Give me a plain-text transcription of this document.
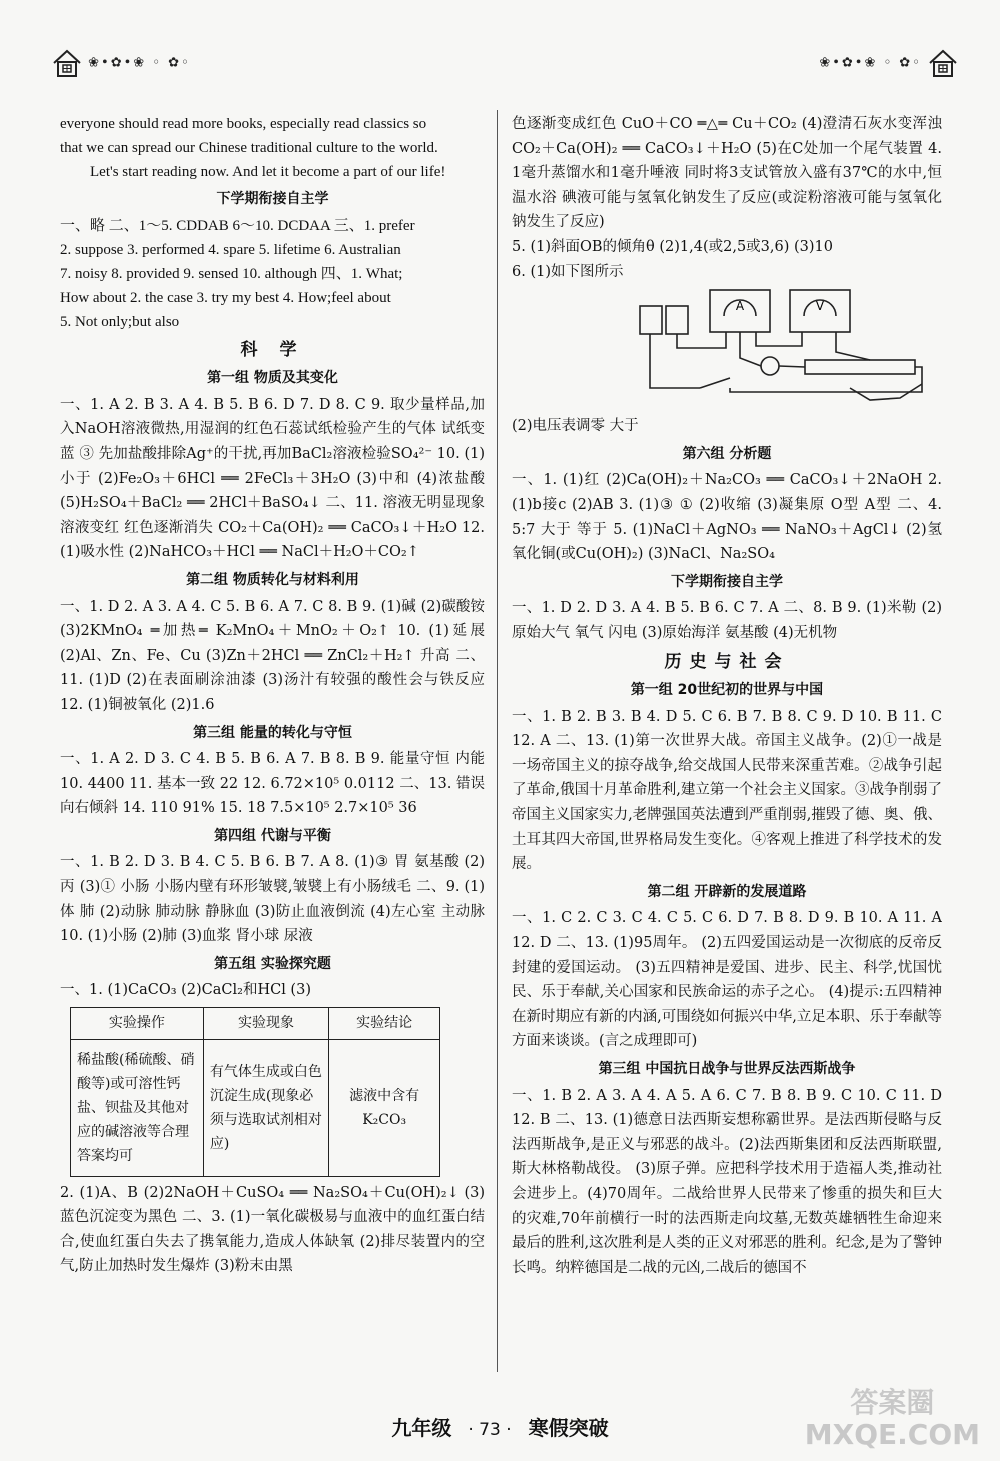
❀•✿•❀ ◦ ✿◦	❀•✿•❀ ◦ ✿◦

everyone should read more books, especially read classics so

that we can spread our Chinese traditional culture to the world.

Let's start reading now. And let it become a part of our life!

下学期衔接自主学

一、略 二、1～5. CDDAB 6～10. DCDAA 三、1. prefer

2. suppose 3. performed 4. spare 5. lifetime 6. Australian

7. noisy 8. provided 9. sensed 10. although 四、1. What;

How about 2. the case 3. try my best 4. How;feel about

5. Not only;but also

科 学
第一组 物质及其变化

一、1. A 2. B 3. A 4. B 5. B 6. D 7. D 8. C 9. 取少量样品,加入NaOH溶液微热,用湿润的红色石蕊试纸检验产生的气体 试纸变蓝 ③ 先加盐酸排除Ag⁺的干扰,再加BaCl₂溶液检验SO₄²⁻ 10. (1)小于 (2)Fe₂O₃＋6HCl ══ 2FeCl₃＋3H₂O (3)中和 (4)浓盐酸 (5)H₂SO₄＋BaCl₂ ══ 2HCl＋BaSO₄↓ 二、11. 溶液无明显现象 溶液变红 红色逐渐消失 CO₂＋Ca(OH)₂ ══ CaCO₃↓＋H₂O 12. (1)吸水性 (2)NaHCO₃＋HCl ══ NaCl＋H₂O＋CO₂↑

第二组 物质转化与材料利用

一、1. D 2. A 3. A 4. C 5. B 6. A 7. C 8. B 9. (1)碱 (2)碳酸铵 (3)2KMnO₄ ═加热═ K₂MnO₄＋MnO₂＋O₂↑ 10. (1)延展 (2)Al、Zn、Fe、Cu (3)Zn＋2HCl ══ ZnCl₂＋H₂↑ 升高 二、11. (1)D (2)在表面刷涂油漆 (3)汤汁有较强的酸性会与铁反应 12. (1)铜被氧化 (2)1.6

第三组 能量的转化与守恒

一、1. A 2. D 3. C 4. B 5. B 6. A 7. B 8. B 9. 能量守恒 内能 10. 4400 11. 基本一致 22 12. 6.72×10⁵ 0.0112 二、13. 错误 向右倾斜 14. 110 91% 15. 18 7.5×10⁵ 2.7×10⁵ 36

第四组 代谢与平衡

一、1. B 2. D 3. B 4. C 5. B 6. B 7. A 8. (1)③ 胃 氨基酸 (2)丙 (3)① 小肠 小肠内壁有环形皱襞,皱襞上有小肠绒毛 二、9. (1)体 肺 (2)动脉 肺动脉 静脉血 (3)防止血液倒流 (4)左心室 主动脉 10. (1)小肠 (2)肺 (3)血浆 肾小球 尿液

第五组 实验探究题

一、1. (1)CaCO₃ (2)CaCl₂和HCl (3)

实验操作	实验现象	实验结论
稀盐酸(稀硫酸、硝酸等)或可溶性钙盐、钡盐及其他对应的碱溶液等合理答案均可	有气体生成或白色沉淀生成(现象必须与选取试剂相对应)	滤液中含有K₂CO₃

2. (1)A、B (2)2NaOH＋CuSO₄ ══ Na₂SO₄＋Cu(OH)₂↓ (3)蓝色沉淀变为黑色 二、3. (1)一氧化碳极易与血液中的血红蛋白结合,使血红蛋白失去了携氧能力,造成人体缺氧 (2)排尽装置内的空气,防止加热时发生爆炸 (3)粉末由黑

色逐渐变成红色 CuO＋CO ═△═ Cu＋CO₂ (4)澄清石灰水变浑浊 CO₂＋Ca(OH)₂ ══ CaCO₃↓＋H₂O (5)在C处加一个尾气装置 4. 1毫升蒸馏水和1毫升唾液 同时将3支试管放入盛有37℃的水中,恒温水浴 碘液可能与氢氧化钠发生了反应(或淀粉溶液可能与氢氧化钠发生了反应)

5. (1)斜面OB的倾角θ (2)1,4(或2,5或3,6) (3)10

6. (1)如下图所示

A	V

(2)电压表调零 大于

第六组 分析题

一、1. (1)红 (2)Ca(OH)₂＋Na₂CO₃ ══ CaCO₃↓＋2NaOH 2. (1)b接c (2)AB 3. (1)③ ① (2)收缩 (3)凝集原 O型 A型 二、4. 5:7 大于 等于 5. (1)NaCl＋AgNO₃ ══ NaNO₃＋AgCl↓ (2)氢氧化铜(或Cu(OH)₂) (3)NaCl、Na₂SO₄

下学期衔接自主学

一、1. D 2. D 3. A 4. B 5. B 6. C 7. A 二、8. B 9. (1)米勒 (2)原始大气 氧气 闪电 (3)原始海洋 氨基酸 (4)无机物

历史与社会
第一组 20世纪初的世界与中国

一、1. B 2. B 3. B 4. D 5. C 6. B 7. B 8. C 9. D 10. B 11. C 12. A 二、13. (1)第一次世界大战。帝国主义战争。(2)①一战是一场帝国主义的掠夺战争,给交战国人民带来深重苦难。②战争引起了革命,俄国十月革命胜利,建立第一个社会主义国家。③战争削弱了帝国主义国家实力,老牌强国英法遭到严重削弱,摧毁了德、奥、俄、土耳其四大帝国,世界格局发生变化。④客观上推进了科学技术的发展。

第二组 开辟新的发展道路

一、1. C 2. C 3. C 4. C 5. C 6. D 7. B 8. D 9. B 10. A 11. A 12. D 二、13. (1)95周年。 (2)五四爱国运动是一次彻底的反帝反封建的爱国运动。 (3)五四精神是爱国、进步、民主、科学,忧国忧民、乐于奉献,关心国家和民族命运的赤子之心。 (4)提示:五四精神在新时期应有新的内涵,可围绕如何振兴中华,立足本职、乐于奉献等方面来谈谈。(言之成理即可)

第三组 中国抗日战争与世界反法西斯战争

一、1. B 2. A 3. A 4. A 5. A 6. C 7. B 8. B 9. C 10. C 11. D 12. B 二、13. (1)德意日法西斯妄想称霸世界。是法西斯侵略与反法西斯战争,是正义与邪恶的战斗。(2)法西斯集团和反法西斯联盟,斯大林格勒战役。 (3)原子弹。应把科学技术用于造福人类,推动社会进步上。(4)70周年。二战给世界人民带来了惨重的损失和巨大的灾难,70年前横行一时的法西斯走向坟墓,无数英雄牺牲生命迎来最后的胜利,这次胜利是人类的正义对邪恶的胜利。纪念,是为了警钟长鸣。纳粹德国是二战的元凶,二战后的德国不

九年级 · 73 · 寒假突破
答案圈
MXQE.COM
